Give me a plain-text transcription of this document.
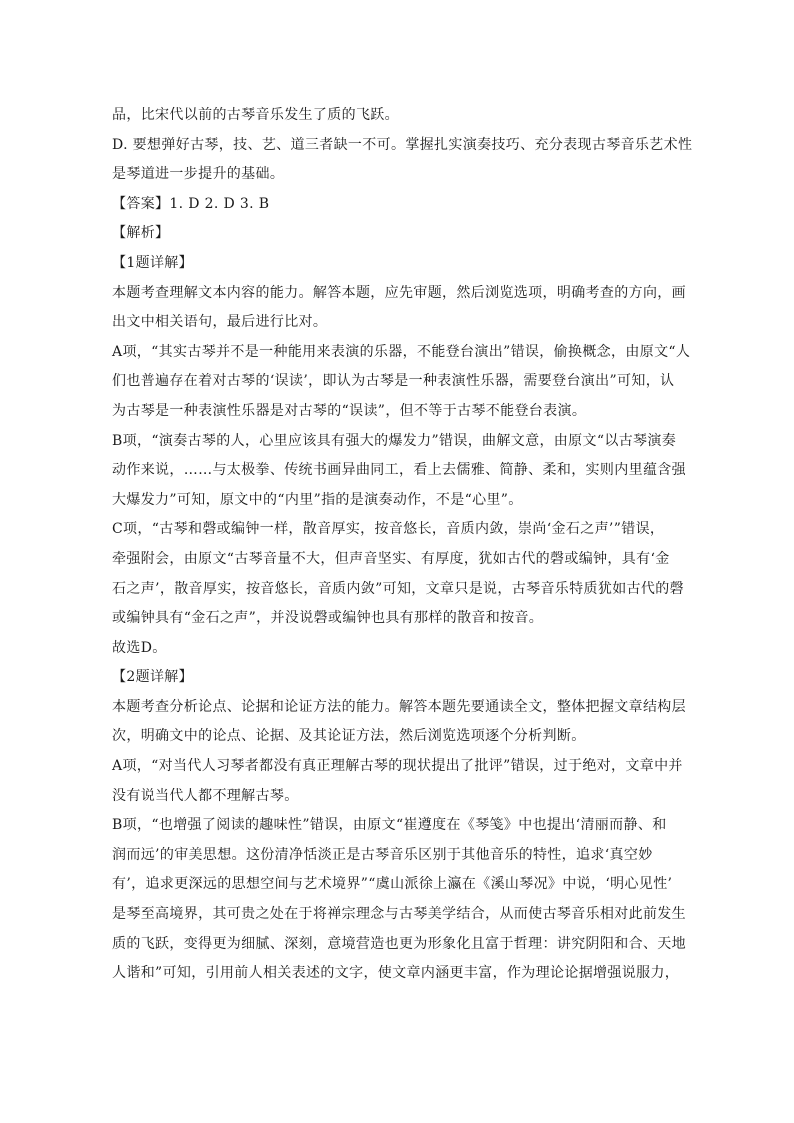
品，比宋代以前的古琴音乐发生了质的飞跃。
D. 要想弹好古琴，技、艺、道三者缺一不可。掌握扎实演奏技巧、充分表现古琴音乐艺术性
是琴道进一步提升的基础。
【答案】1. D 2. D 3. B
【解析】
【1题详解】
本题考查理解文本内容的能力。解答本题，应先审题，然后浏览选项，明确考查的方向，画
出文中相关语句，最后进行比对。
A项，“其实古琴并不是一种能用来表演的乐器，不能登台演出”错误，偷换概念，由原文“人
们也普遍存在着对古琴的‘误读’，即认为古琴是一种表演性乐器，需要登台演出”可知，认
为古琴是一种表演性乐器是对古琴的“误读”，但不等于古琴不能登台表演。
B项，“演奏古琴的人，心里应该具有强大的爆发力”错误，曲解文意，由原文“以古琴演奏
动作来说，……与太极拳、传统书画异曲同工，看上去儒雅、简静、柔和，实则内里蕴含强
大爆发力”可知，原文中的“内里”指的是演奏动作，不是“心里”。
C项，“古琴和磬或编钟一样，散音厚实，按音悠长，音质内敛，崇尚‘金石之声’”错误，
牵强附会，由原文“古琴音量不大，但声音坚实、有厚度，犹如古代的磬或编钟，具有‘金
石之声’，散音厚实，按音悠长，音质内敛”可知，文章只是说，古琴音乐特质犹如古代的磬
或编钟具有“金石之声”，并没说磬或编钟也具有那样的散音和按音。
故选D。
【2题详解】
本题考查分析论点、论据和论证方法的能力。解答本题先要通读全文，整体把握文章结构层
次，明确文中的论点、论据、及其论证方法，然后浏览选项逐个分析判断。
A项，“对当代人习琴者都没有真正理解古琴的现状提出了批评”错误，过于绝对，文章中并
没有说当代人都不理解古琴。
B项，“也增强了阅读的趣味性”错误，由原文“崔遵度在《琴笺》中也提出‘清丽而静、和
润而远’的审美思想。这份清净恬淡正是古琴音乐区别于其他音乐的特性，追求‘真空妙
有’，追求更深远的思想空间与艺术境界”“虞山派徐上瀛在《溪山琴况》中说，‘明心见性’
是琴至高境界，其可贵之处在于将禅宗理念与古琴美学结合，从而使古琴音乐相对此前发生
质的飞跃，变得更为细腻、深刻，意境营造也更为形象化且富于哲理：讲究阴阳和合、天地
人谐和”可知，引用前人相关表述的文字，使文章内涵更丰富，作为理论论据增强说服力，
